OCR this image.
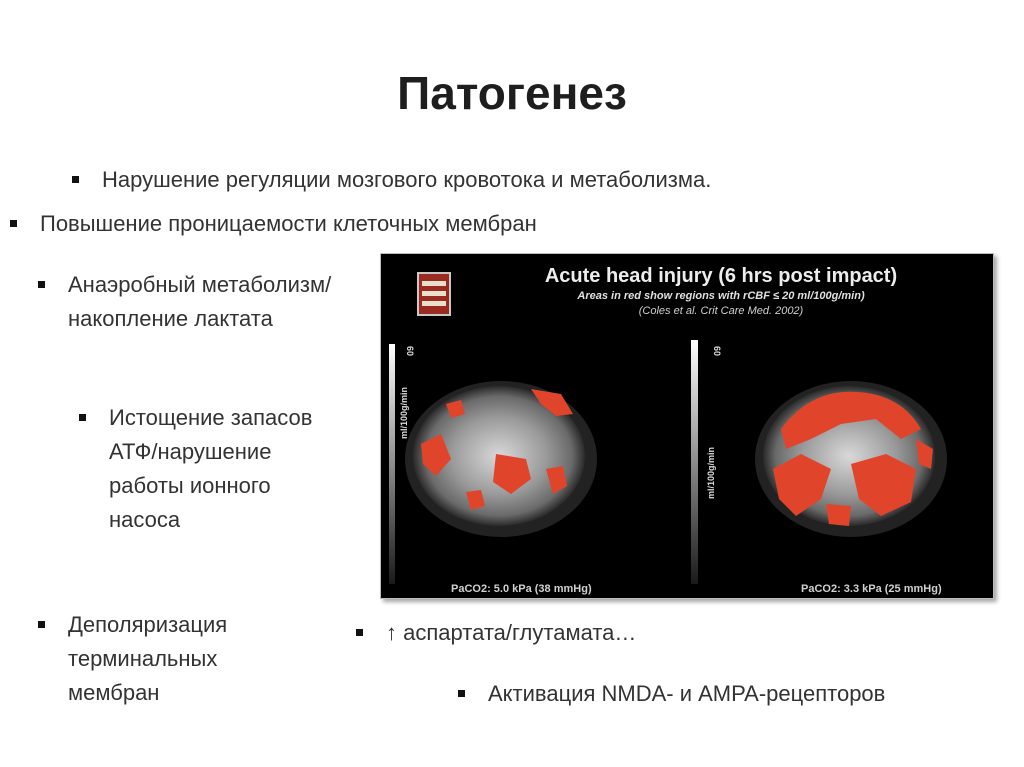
Патогенез
Нарушение регуляции мозгового кровотока и метаболизма.
Повышение проницаемости клеточных мембран
Анаэробный метаболизм/накопление лактата
Истощение запасов АТФ/нарушение работы ионного насоса
Деполяризация терминальных мембран
↑ аспартата/глутамата…
Активация NMDA- и AMPA-рецепторов
Acute head injury (6 hrs post impact)
Areas in red show regions with rCBF ≤ 20 ml/100g/min)
(Coles et al. Crit Care Med. 2002)
60
ml/100g/min
60
ml/100g/min
PaCO2: 5.0 kPa (38 mmHg)	PaCO2: 3.3 kPa (25 mmHg)
